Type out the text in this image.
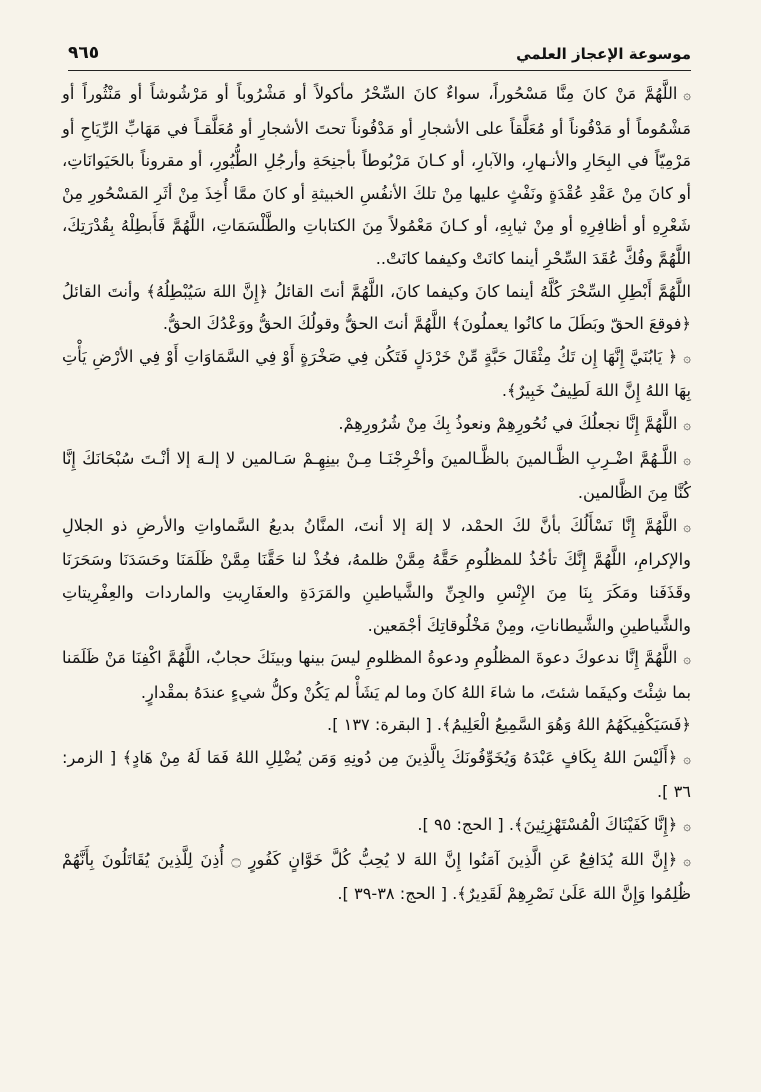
موسوعة الإعجاز العلمي
٩٦٥

۞اللَّهُمَّ مَنْ كانَ مِنَّا مَسْحُوراً، سواءٌ كانَ السِّحْرُ مأكولاً أو مَشْرُوباً أو مَرْشُوشاً أو مَنْثُوراً أو مَشْمُوماً أو مَدْفُوناً أو مُعَلَّقاً على الأشجارِ أو مَدْفُوناً تحتَ الأشجارِ أو مُعَلَّقـاً في مَهَابِّ الرِّيَاحِ أو مَرْمِيّاً في البِحَارِ والأنـهارِ، والآبارِ، أو كـانَ مَرْبُوطاً بأجنِحَةِ وأرجُلِ الطُّيُورِ، أو مقروناً بالحَيَوانَاتِ، أو كانَ مِنْ عَقْدِ عُقْدَةٍ ونَفْثٍ عليها مِنْ تلكَ الأنفُسِ الخبيثةِ أو كانَ ممَّا أُخِذَ مِنْ أثَرِ المَسْحُورِ مِنْ شَعْرِهِ أو أظافِرِهِ أو مِنْ ثيابِهِ، أو كـانَ مَعْمُولاً مِنَ الكتاباتِ والطَّلْسَمَاتِ، اللَّهُمَّ فَأَبطِلْهُ بِقُدْرَتِكَ، اللَّهُمَّ وفُكَّ عُقَدَ السِّحْرِ أينما كانَتْ وكيفما كانَتْ..

اللَّهُمَّ أَبْطِلِ السِّحْرَ كُلَّهُ أينما كانَ وكيفما كانَ، اللَّهُمَّ أنتَ القائلُ ﴿إِنَّ اللهَ سَيُبْطِلُهُ﴾ وأنتَ القائلُ ﴿فوقعَ الحقّ وبَطَلَ ما كانُوا يعملُونَ﴾ اللَّهُمَّ أنتَ الحقُّ وقولُكَ الحقُّ ووَعْدُكَ الحقُّ.

۞﴿ يَابُنَيَّ إِنَّهَا إِن تَكُ مِثْقَالَ حَبَّةٍ مِّنْ خَرْدَلٍ فَتَكُن فِي صَخْرَةٍ أَوْ فِي السَّمَاوَاتِ أَوْ فِي الأرْضِ يَأْتِ بِهَا اللهُ إِنَّ اللهَ لَطِيفٌ خَبِيرٌ﴾.

۞اللَّهُمَّ إِنَّا نجعلُكَ في نُحُورِهِمْ ونعوذُ بِكَ مِنْ شُرُورِهِمْ.

۞اللَّـهُمَّ اضْـرِبِ الظَّـالمينَ بالظَّـالمينَ وأخْرِجْنَـا مِـنْ بينِهِـمْ سَـالمين لا إلـهَ إلا أنْـتَ سُبْحَانَكَ إِنَّا كُنَّا مِنَ الظَّالمين.

۞اللَّهُمَّ إِنَّا نَسْأَلُكَ بأنَّ لكَ الحمْد، لا إلهَ إلا أنتَ، المنَّانُ بديعُ السَّماواتِ والأرضِ ذو الجلالِ والإكرامِ، اللَّهُمَّ إِنَّكَ تأخُذُ للمظلُومِ حَقَّهُ مِمَّنْ ظلمهُ، فخُذْ لنا حَقَّنَا مِمَّنْ ظَلَمَنَا وحَسَدَنَا وسَحَرَنَا وقَذَفَنا ومَكَرَ بِنَا مِنَ الإِنْسِ والجِنِّ والشَّياطينِ والمَرَدَةِ والعفَارِيتِ والماردات والعِفْرِيتاتِ والشَّياطينِ والشَّيطاناتِ، ومِنْ مَخْلُوقاتِكَ أجْمَعين.

۞اللَّهُمَّ إِنَّا ندعوكَ دعوةَ المظلُومِ ودعوةُ المظلومِ ليسَ بينها وبينَكَ حجابٌ، اللَّهُمَّ اكْفِنَا مَنْ ظَلَمَنا بما شِئْتَ وكيفَما شئتَ، ما شاءَ اللهُ كانَ وما لم يَشَأْ لم يَكُنْ وكلُّ شيءٍ عندَهُ بمقْدارٍ.

﴿فَسَيَكْفِيكَهُمُ اللهُ وَهُوَ السَّمِيعُ الْعَلِيمُ﴾. [ البقرة: ١٣٧ ].

۞﴿أَلَيْسَ اللهُ بِكَافٍ عَبْدَهُ وَيُخَوِّفُونَكَ بِالَّذِينَ مِن دُونِهِ وَمَن يُضْلِلِ اللهُ فَمَا لَهُ مِنْ هَادٍ﴾ [ الزمر: ٣٦ ].

۞﴿إِنَّا كَفَيْنَاكَ الْمُسْتَهْزِئِينَ﴾. [ الحج: ٩٥ ].

۞﴿إِنَّ اللهَ يُدَافِعُ عَنِ الَّذِينَ آمَنُوا إِنَّ اللهَ لا يُحِبُّ كُلَّ خَوَّانٍ كَفُورٍ ۝ أُذِنَ لِلَّذِينَ يُقَاتَلُونَ بِأَنَّهُمْ ظُلِمُوا وَإِنَّ اللهَ عَلَىٰ نَصْرِهِمْ لَقَدِيرٌ﴾. [ الحج: ٣٨-٣٩ ].
